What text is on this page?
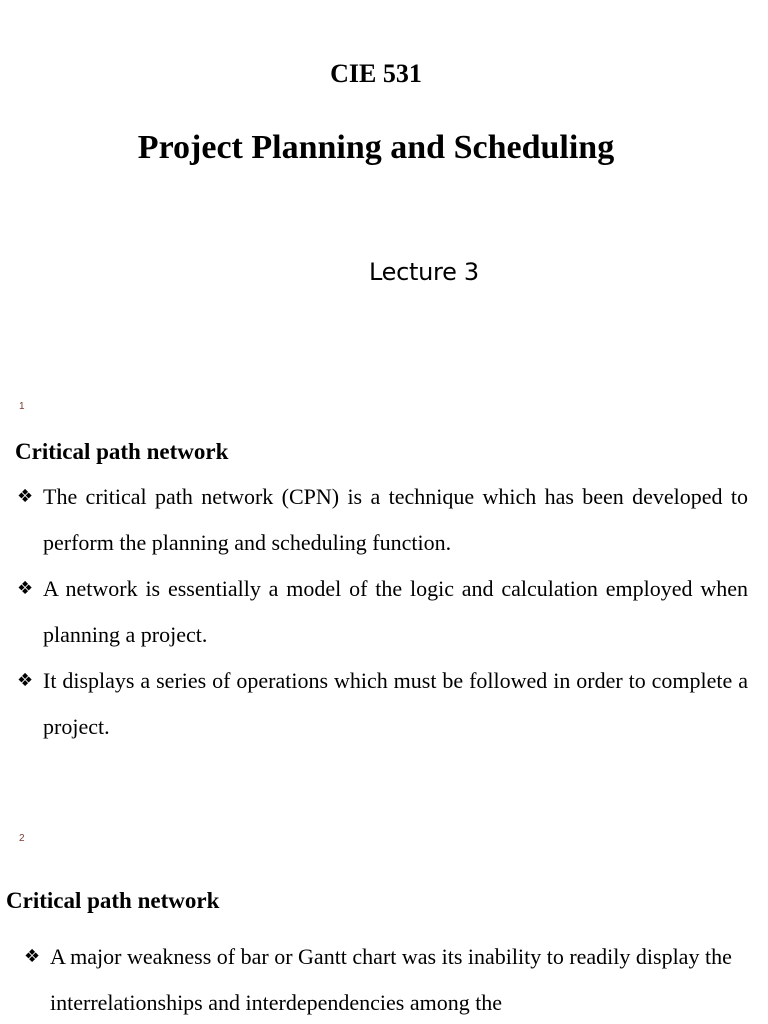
CIE 531
Project Planning and Scheduling
Lecture 3
1
Critical path network
❖ The critical path network (CPN) is a technique which has been developed to perform the planning and scheduling function.
❖ A network is essentially a model of the logic and calculation employed when planning a project.
❖ It displays a series of operations which must be followed in order to complete a project.
2
Critical path network
❖ A major weakness of bar or Gantt chart was its inability to readily display the interrelationships and interdependencies among the
